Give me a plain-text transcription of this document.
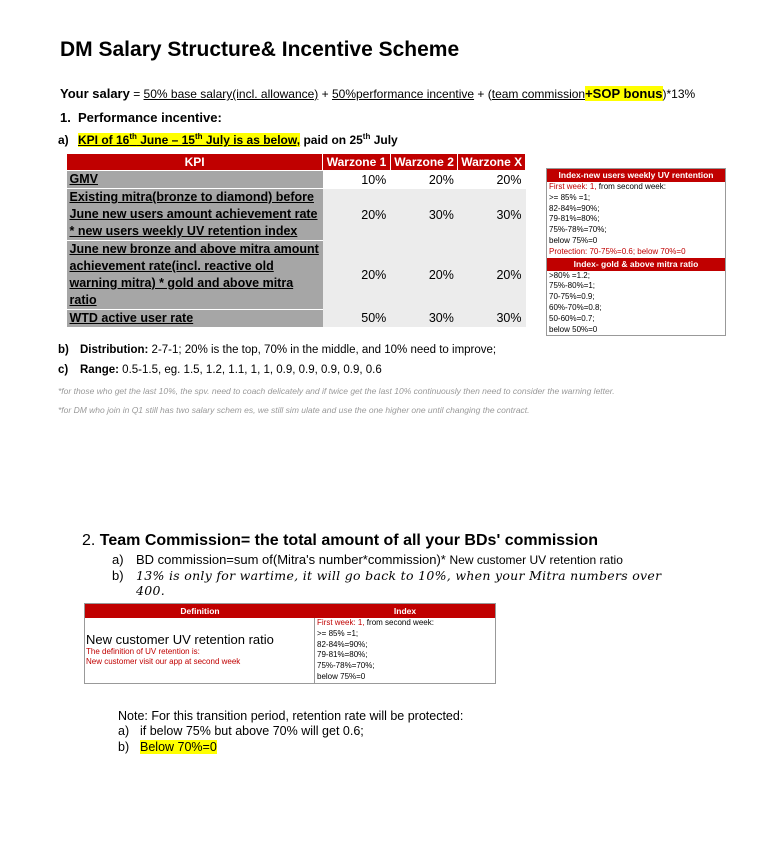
DM Salary Structure& Incentive Scheme
Your salary = 50% base salary(incl. allowance) + 50%performance incentive + (team commission+SOP bonus)*13%
1. Performance incentive:
a) KPI of 16th June – 15th July is as below, paid on 25th July
KPI	Warzone 1	Warzone 2	Warzone X
GMV	10%	20%	20%
Existing mitra(bronze to diamond) before June new users amount achievement rate * new users weekly UV retention index	20%	30%	30%
June new bronze and above mitra amount achievement rate(incl. reactive old warning mitra) * gold and above mitra ratio	20%	20%	20%
WTD active user rate	50%	30%	30%
Index-new users weekly UV rentention
First week: 1, from second week:
>= 85% =1;
82-84%=90%;
79-81%=80%;
75%-78%=70%;
below 75%=0
Protection: 70-75%=0.6; below 70%=0
Index- gold & above mitra ratio
>80% =1.2;
75%-80%=1;
70-75%=0.9;
60%-70%=0.8;
50-60%=0.7;
below 50%=0
b) Distribution: 2-7-1; 20% is the top, 70% in the middle, and 10% need to improve;
c) Range: 0.5-1.5, eg. 1.5, 1.2, 1.1, 1, 1, 0.9, 0.9, 0.9, 0.9, 0.6
*for those who get the last 10%, the spv. need to coach delicately and if twice get the last 10% continuously then need to consider the warning letter.
*for DM who join in Q1 still has two salary schem es, we still sim ulate and use the one higher one until changing the contract.
2. Team Commission= the total amount of all your BDs' commission
a) BD commission=sum of(Mitra's number*commission)* New customer UV retention ratio
b) 13% is only for wartime, it will go back to 10%, when your Mitra numbers over
400.
Definition	Index
New customer UV retention ratio
The definition of UV retention is:
New customer visit our app at second week
First week: 1, from second week:
>= 85% =1;
82-84%=90%;
79-81%=80%;
75%-78%=70%;
below 75%=0
Note: For this transition period, retention rate will be protected:
a) if below 75% but above 70% will get 0.6;
b) Below 70%=0
